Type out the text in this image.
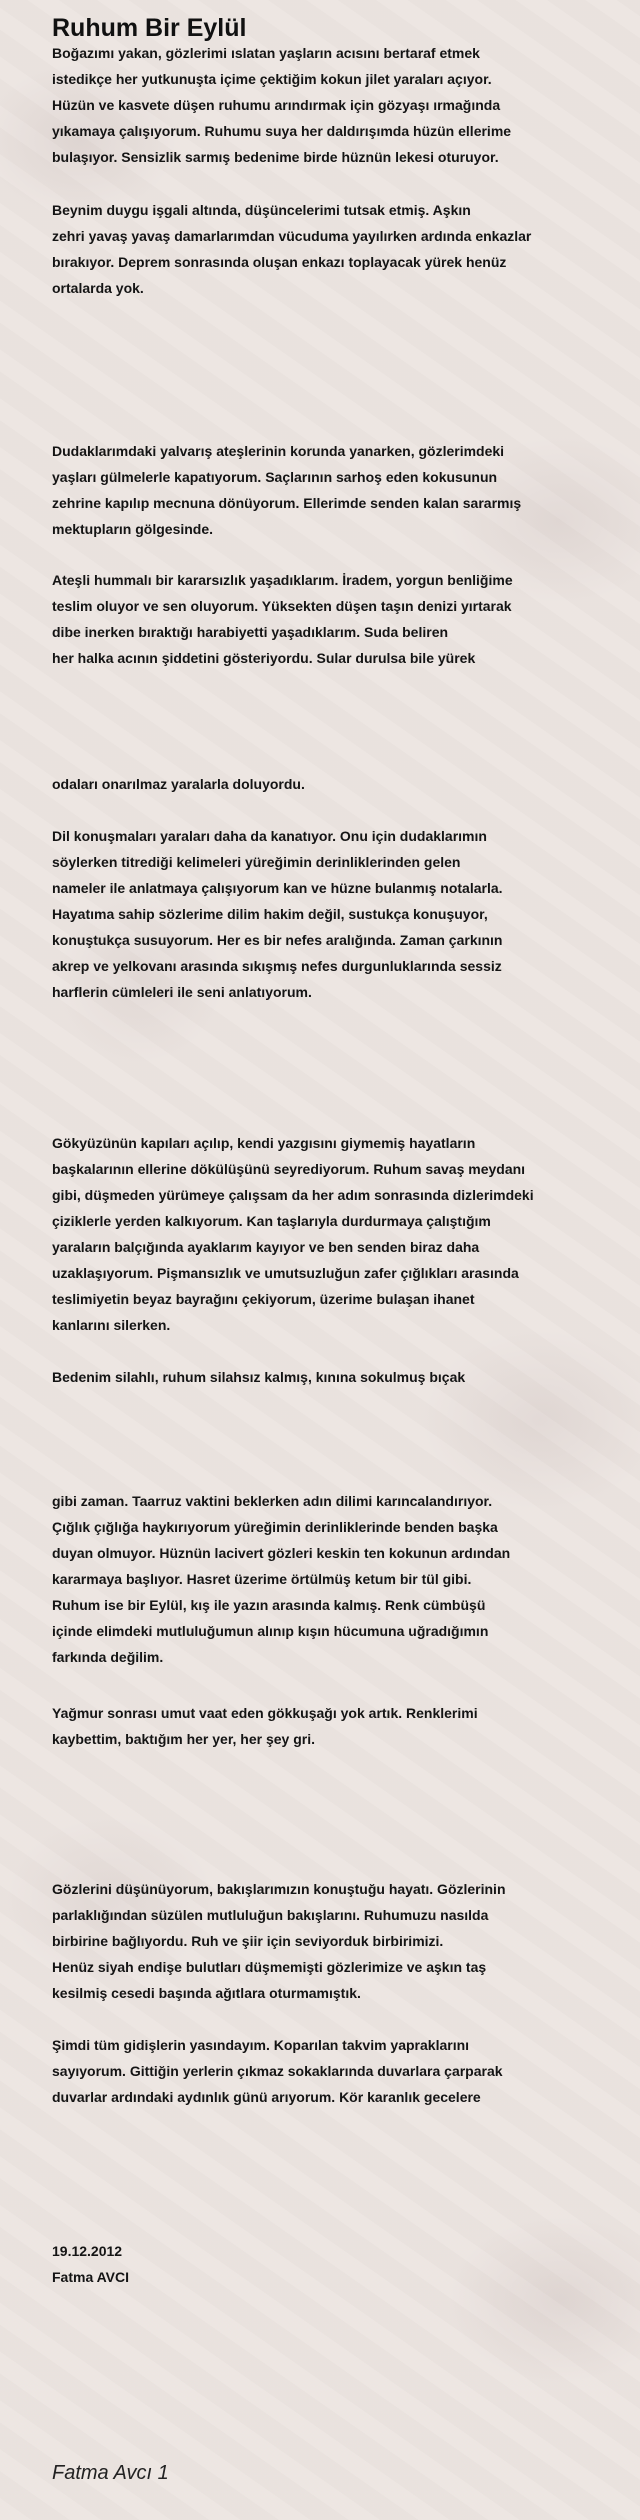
Ruhum Bir Eylül
Boğazımı yakan, gözlerimi ıslatan yaşların acısını bertaraf etmek
istedikçe her yutkunuşta içime çektiğim kokun jilet yaraları açıyor.
Hüzün ve kasvete düşen ruhumu arındırmak için gözyaşı ırmağında
yıkamaya çalışıyorum. Ruhumu suya her daldırışımda hüzün ellerime
bulaşıyor. Sensizlik sarmış bedenime birde hüznün lekesi oturuyor.
Beynim duygu işgali altında, düşüncelerimi tutsak etmiş. Aşkın
zehri yavaş yavaş damarlarımdan vücuduma yayılırken ardında enkazlar
bırakıyor. Deprem sonrasında oluşan enkazı toplayacak yürek henüz
ortalarda yok.
Dudaklarımdaki yalvarış ateşlerinin korunda yanarken, gözlerimdeki
yaşları gülmelerle kapatıyorum. Saçlarının sarhoş eden kokusunun
zehrine kapılıp mecnuna dönüyorum. Ellerimde senden kalan sararmış
mektupların gölgesinde.
Ateşli hummalı bir kararsızlık yaşadıklarım. İradem, yorgun benliğime
teslim oluyor ve sen oluyorum. Yüksekten düşen taşın denizi yırtarak
dibe inerken bıraktığı harabiyetti yaşadıklarım. Suda beliren
her halka acının şiddetini gösteriyordu. Sular durulsa bile yürek
odaları onarılmaz yaralarla doluyordu.
Dil konuşmaları yaraları daha da kanatıyor. Onu için dudaklarımın
söylerken titrediği kelimeleri yüreğimin derinliklerinden gelen
nameler ile anlatmaya çalışıyorum kan ve hüzne bulanmış notalarla.
Hayatıma sahip sözlerime dilim hakim değil, sustukça konuşuyor,
konuştukça susuyorum. Her es bir nefes aralığında. Zaman çarkının
akrep ve yelkovanı arasında sıkışmış nefes durgunluklarında sessiz
harflerin cümleleri ile seni anlatıyorum.
Gökyüzünün kapıları açılıp, kendi yazgısını giymemiş hayatların
başkalarının ellerine dökülüşünü seyrediyorum. Ruhum savaş meydanı
gibi, düşmeden yürümeye çalışsam da her adım sonrasında dizlerimdeki
çiziklerle yerden kalkıyorum. Kan taşlarıyla durdurmaya çalıştığım
yaraların balçığında ayaklarım kayıyor ve ben senden biraz daha
uzaklaşıyorum. Pişmansızlık ve umutsuzluğun zafer çığlıkları arasında
teslimiyetin beyaz bayrağını çekiyorum, üzerime bulaşan ihanet
kanlarını silerken.
Bedenim silahlı, ruhum silahsız kalmış, kınına sokulmuş bıçak
gibi zaman. Taarruz vaktini beklerken adın dilimi karıncalandırıyor.
Çığlık çığlığa haykırıyorum yüreğimin derinliklerinde benden başka
duyan olmuyor. Hüznün lacivert gözleri keskin ten kokunun ardından
kararmaya başlıyor. Hasret üzerime örtülmüş ketum bir tül gibi.
Ruhum ise bir Eylül, kış ile yazın arasında kalmış. Renk cümbüşü
içinde elimdeki mutluluğumun alınıp kışın hücumuna uğradığımın
farkında değilim.
Yağmur sonrası umut vaat eden gökkuşağı yok artık. Renklerimi
kaybettim, baktığım her yer, her şey gri.
Gözlerini düşünüyorum, bakışlarımızın konuştuğu hayatı. Gözlerinin
parlaklığından süzülen mutluluğun bakışlarını. Ruhumuzu nasılda
birbirine bağlıyordu. Ruh ve şiir için seviyorduk birbirimizi.
Henüz siyah endişe bulutları düşmemişti gözlerimize ve aşkın taş
kesilmiş cesedi başında ağıtlara oturmamıştık.
Şimdi tüm gidişlerin yasındayım. Koparılan takvim yapraklarını
sayıyorum. Gittiğin yerlerin çıkmaz sokaklarında duvarlara çarparak
duvarlar ardındaki aydınlık günü arıyorum. Kör karanlık gecelere
19.12.2012
Fatma AVCI
Fatma Avcı 1
